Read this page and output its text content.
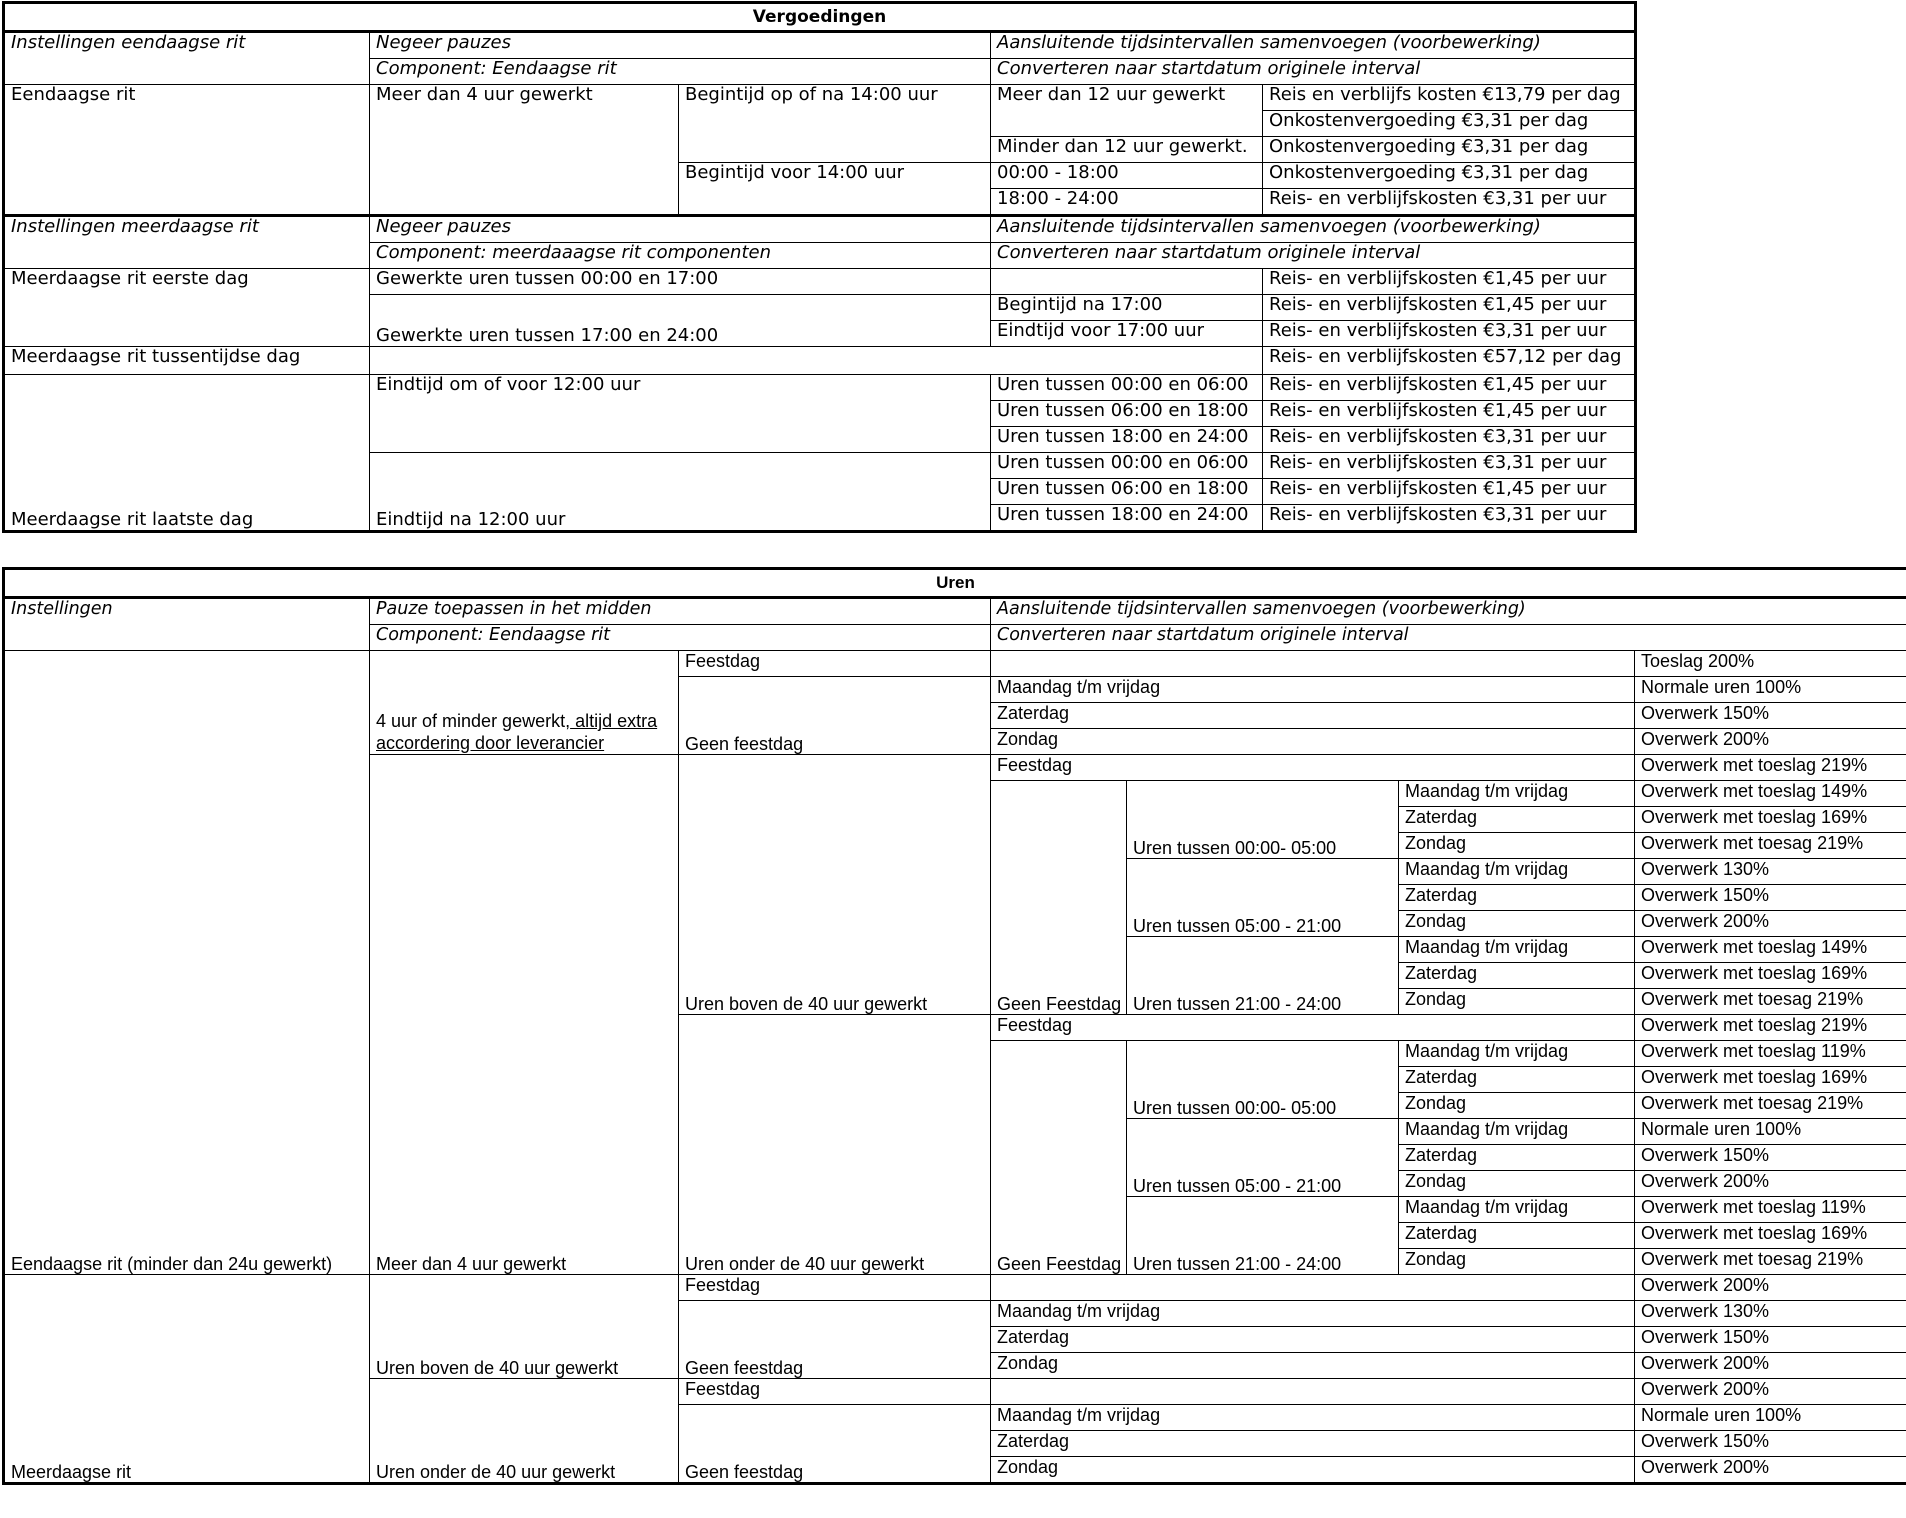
Vergoedingen				
Instellingen eendaagse rit	Negeer pauzes		Aansluitende tijdsintervallen samenvoegen (voorbewerking)	
	Component: Eendaagse rit		Converteren naar startdatum originele interval	
Eendaagse rit	Meer dan 4 uur gewerkt	Begintijd op of na 14:00 uur	Meer dan 12 uur gewerkt	Reis en verblijfs kosten €13,79 per dag
				Onkostenvergoeding €3,31 per dag
			Minder dan 12 uur gewerkt.	Onkostenvergoeding €3,31 per dag
		Begintijd voor 14:00 uur	00:00 - 18:00	Onkostenvergoeding €3,31 per dag
			18:00 - 24:00	Reis- en verblijfskosten €3,31 per uur
Instellingen meerdaagse rit	Negeer pauzes		Aansluitende tijdsintervallen samenvoegen (voorbewerking)	
	Component: meerdaaagse rit componenten		Converteren naar startdatum originele interval	
Meerdaagse rit eerste dag	Gewerkte uren tussen 00:00 en 17:00			Reis- en verblijfskosten €1,45 per uur
	Gewerkte uren tussen 17:00 en 24:00		Begintijd na 17:00	Reis- en verblijfskosten €1,45 per uur
			Eindtijd voor 17:00 uur	Reis- en verblijfskosten €3,31 per uur
Meerdaagse rit tussentijdse dag				Reis- en verblijfskosten €57,12 per dag
Meerdaagse rit laatste dag	Eindtijd om of voor 12:00 uur		Uren tussen 00:00 en 06:00	Reis- en verblijfskosten €1,45 per uur
			Uren tussen 06:00 en 18:00	Reis- en verblijfskosten €1,45 per uur
			Uren tussen 18:00 en 24:00	Reis- en verblijfskosten €3,31 per uur
	Eindtijd na 12:00 uur		Uren tussen 00:00 en 06:00	Reis- en verblijfskosten €3,31 per uur
			Uren tussen 06:00 en 18:00	Reis- en verblijfskosten €1,45 per uur
			Uren tussen 18:00 en 24:00	Reis- en verblijfskosten €3,31 per uur
Uren						
Instellingen	Pauze toepassen in het midden		Aansluitende tijdsintervallen samenvoegen (voorbewerking)			
	Component: Eendaagse rit		Converteren naar startdatum originele interval			
Eendaagse rit (minder dan 24u gewerkt)	4 uur of minder gewerkt, altijd extra accordering door leverancier	Feestdag				Toeslag 200%
		Geen feestdag	Maandag t/m vrijdag			Normale uren 100%
			Zaterdag			Overwerk 150%
			Zondag			Overwerk 200%
	Meer dan 4 uur gewerkt	Uren boven de 40 uur gewerkt	Feestdag			Overwerk met toeslag 219%
			Geen Feestdag	Uren tussen 00:00- 05:00	Maandag t/m vrijdag	Overwerk met toeslag 149%
					Zaterdag	Overwerk met toeslag 169%
					Zondag	Overwerk met toesag 219%
				Uren tussen 05:00 - 21:00	Maandag t/m vrijdag	Overwerk 130%
					Zaterdag	Overwerk 150%
					Zondag	Overwerk 200%
				Uren tussen 21:00 - 24:00	Maandag t/m vrijdag	Overwerk met toeslag 149%
					Zaterdag	Overwerk met toeslag 169%
					Zondag	Overwerk met toesag 219%
		Uren onder de 40 uur gewerkt	Feestdag			Overwerk met toeslag 219%
			Geen Feestdag	Uren tussen 00:00- 05:00	Maandag t/m vrijdag	Overwerk met toeslag 119%
					Zaterdag	Overwerk met toeslag 169%
					Zondag	Overwerk met toesag 219%
				Uren tussen 05:00 - 21:00	Maandag t/m vrijdag	Normale uren 100%
					Zaterdag	Overwerk 150%
					Zondag	Overwerk 200%
				Uren tussen 21:00 - 24:00	Maandag t/m vrijdag	Overwerk met toeslag 119%
					Zaterdag	Overwerk met toeslag 169%
					Zondag	Overwerk met toesag 219%
Meerdaagse rit	Uren boven de 40 uur gewerkt	Feestdag				Overwerk 200%
		Geen feestdag	Maandag t/m vrijdag			Overwerk 130%
			Zaterdag			Overwerk 150%
			Zondag			Overwerk 200%
	Uren onder de 40 uur gewerkt	Feestdag				Overwerk 200%
		Geen feestdag	Maandag t/m vrijdag			Normale uren 100%
			Zaterdag			Overwerk 150%
			Zondag			Overwerk 200%
